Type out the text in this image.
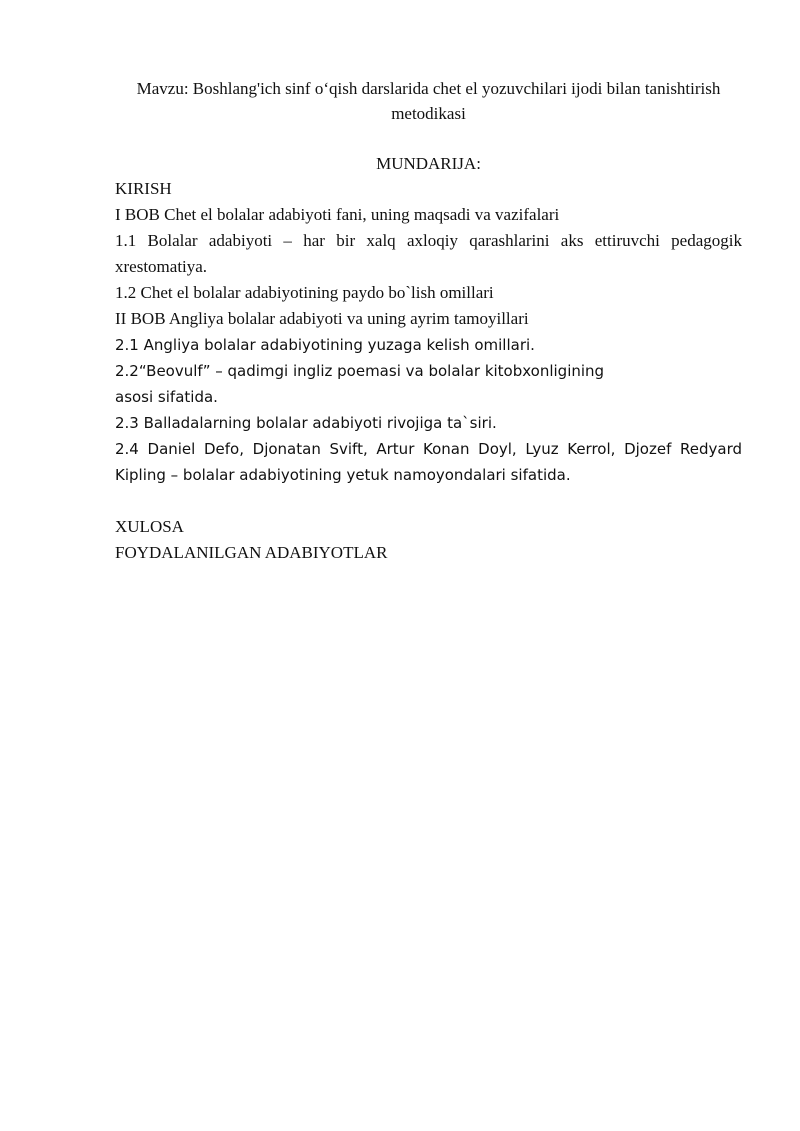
Mavzu: Boshlang'ich sinf o‘qish darslarida chet el yozuvchilari ijodi bilan tanishtirish metodikasi
MUNDARIJA:

KIRISH

I BOB Chet el bolalar adabiyoti fani, uning maqsadi va vazifalari

1.1 Bolalar adabiyoti – har bir xalq axloqiy qarashlarini aks ettiruvchi pedagogik xrestomatiya.

1.2 Chet el bolalar adabiyotining paydo bo`lish omillari

II BOB Angliya bolalar adabiyoti va uning ayrim tamoyillari

2.1 Angliya bolalar adabiyotining yuzaga kelish omillari.

2.2“Beovulf” – qadimgi ingliz poemasi va bolalar kitobxonligining

asosi sifatida.

2.3 Balladalarning bolalar adabiyoti rivojiga ta`siri.

2.4 Daniel Defo, Djonatan Svift, Artur Konan Doyl, Lyuz Kerrol, Djozef Redyard Kipling – bolalar adabiyotining yetuk namoyondalari sifatida.

XULOSA

FOYDALANILGAN ADABIYOTLAR
